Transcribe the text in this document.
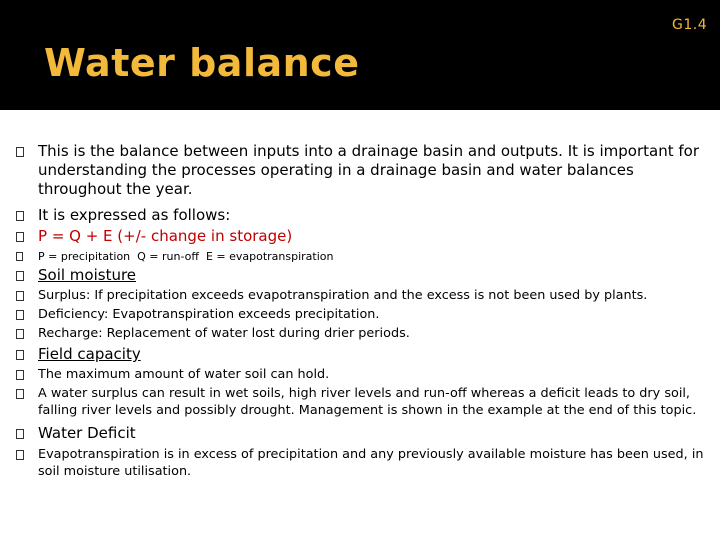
G1.4
Water balance
This is the balance between inputs into a drainage basin and outputs. It is important for understanding the processes operating in a drainage basin and water balances throughout the year.
It is expressed as follows:
P = Q + E (+/- change in storage)
P = precipitation  Q = run-off  E = evapotranspiration
Soil moisture
Surplus: If precipitation exceeds evapotranspiration and the excess is not been used by plants.
Deficiency: Evapotranspiration exceeds precipitation.
Recharge: Replacement of water lost during drier periods.
Field capacity
The maximum amount of water soil can hold.
A water surplus can result in wet soils, high river levels and run-off whereas a deficit leads to dry soil, falling river levels and possibly drought. Management is shown in the example at the end of this topic.
Water Deficit
Evapotranspiration is in excess of precipitation and any previously available moisture has been used, in soil moisture utilisation.
